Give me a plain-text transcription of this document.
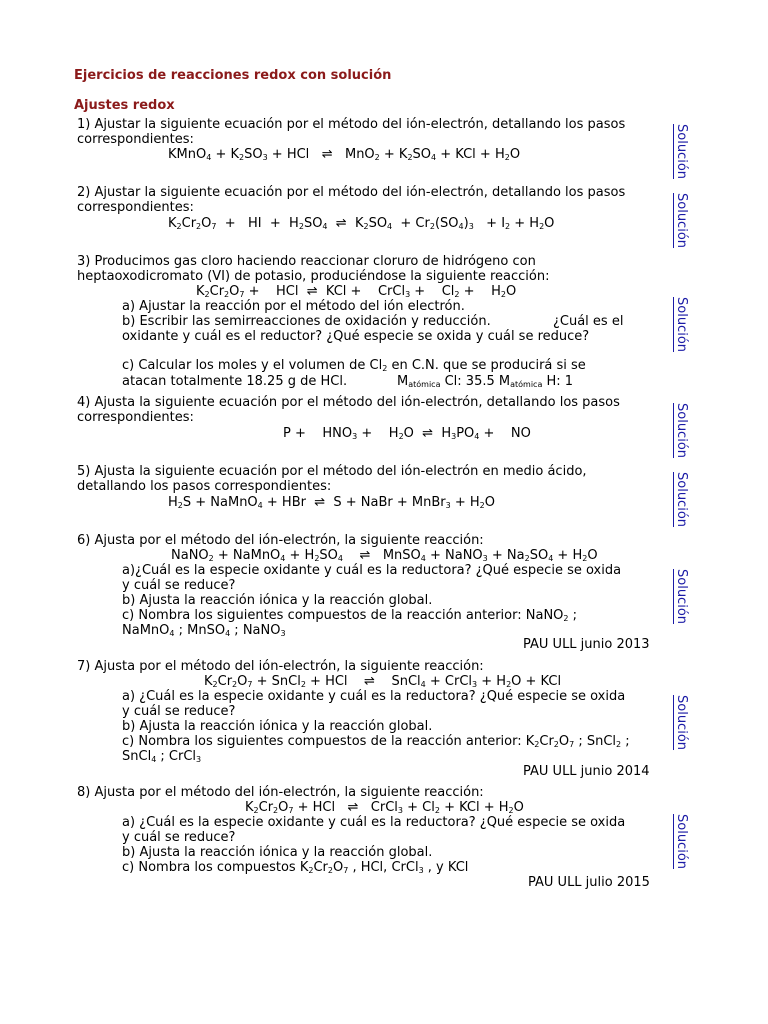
Ejercicios de reacciones redox con solución
Ajustes redox
1) Ajustar la siguiente ecuación por el método del ión-electrón, detallando los pasos
correspondientes:
KMnO$_4$ + $K_2SO_3$ + HCl   ⇌   $MnO_2 + K_2SO_4$ + KCl + $H_2O$	Solución
2) Ajustar la siguiente ecuación por el método del ión-electrón, detallando los pasos
correspondientes:
$K_2Cr_2O_7$  +   HI  +  $H_2SO_4$  ⇌  $K_2SO_4 + Cr_2(SO_4)_3 + I_2 + H_2O$	Solución
3) Producimos gas cloro haciendo reaccionar cloruro de hidrógeno con
heptaoxodicromato (VI) de potasio, produciéndose la siguiente reacción:
$K_2Cr_2O_7$ +    HCl  ⇌  KCl +    CrCl$_3$ +    $Cl_2$ +    $H_2O$
a) Ajustar la reacción por el método del ión electrón.
b) Escribir las semirreacciones de oxidación y reducción.	¿Cuál es el
oxidante y cuál es el reductor? ¿Qué especie se oxida y cuál se reduce?
c) Calcular los moles y el volumen de $Cl_2$ en C.N. que se producirá si se
atacan totalmente 18.25 g de HCl.	$M_{atómica}$ Cl: 35.5 $M_{atómica}$ H: 1
Solución
4) Ajusta la siguiente ecuación por el método del ión-electrón, detallando los pasos
correspondientes:
P +    $HNO_3$ +    $H_2O$  ⇌  $H_3PO_4$ +    NO	Solución
5) Ajusta la siguiente ecuación por el método del ión-electrón en medio ácido,
detallando los pasos correspondientes:
$H_2S$ + NaMnO$_4$ + HBr  ⇌  S + NaBr + MnBr$_3$ + $H_2O$	Solución
6) Ajusta por el método del ión-electrón, la siguiente reacción:
NaNO$_2$ + NaMnO$_4$ + $H_2SO_4$    ⇌   MnSO$_4$ + NaNO$_3$ + $Na_2SO_4 + H_2O$
a)¿Cuál es la especie oxidante y cuál es la reductora? ¿Qué especie se oxida
y cuál se reduce?
b) Ajusta la reacción iónica y la reacción global.
c) Nombra los siguientes compuestos de la reacción anterior: NaNO$_2$ ;
NaMnO$_4$ ; MnSO$_4$ ; NaNO$_3$
PAU ULL junio 2013
Solución
7) Ajusta por el método del ión-electrón, la siguiente reacción:
$K_2Cr_2O_7$ + SnCl$_2$ + HCl    ⇌    SnCl$_4$ + CrCl$_3$ + $H_2O$ + KCl
a) ¿Cuál es la especie oxidante y cuál es la reductora? ¿Qué especie se oxida
y cuál se reduce?
b) Ajusta la reacción iónica y la reacción global.
c) Nombra los siguientes compuestos de la reacción anterior: $K_2Cr_2O_7$ ; SnCl$_2$ ;
SnCl$_4$ ; CrCl$_3$
PAU ULL junio 2014
Solución
8) Ajusta por el método del ión-electrón, la siguiente reacción:
$K_2Cr_2O_7$ + HCl   ⇌   CrCl$_3$ + $Cl_2$ + KCl + $H_2O$
a) ¿Cuál es la especie oxidante y cuál es la reductora? ¿Qué especie se oxida
y cuál se reduce?
b) Ajusta la reacción iónica y la reacción global.
c) Nombra los compuestos $K_2Cr_2O_7$ , HCl, CrCl$_3$ , y KCl
PAU ULL julio 2015
Solución
